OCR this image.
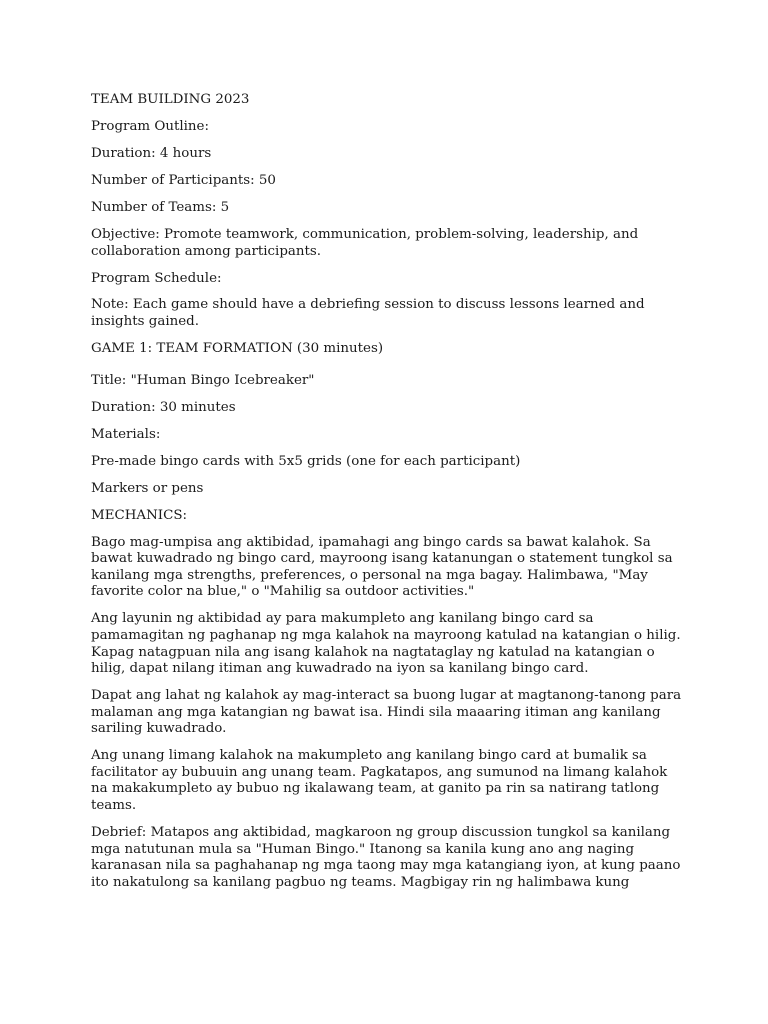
TEAM BUILDING 2023

Program Outline:

Duration: 4 hours

Number of Participants: 50

Number of Teams: 5

Objective: Promote teamwork, communication, problem-solving, leadership, and collaboration among participants.

Program Schedule:

Note: Each game should have a debriefing session to discuss lessons learned and insights gained.

GAME 1: TEAM FORMATION (30 minutes)

Title: "Human Bingo Icebreaker"

Duration: 30 minutes

Materials:

Pre-made bingo cards with 5x5 grids (one for each participant)

Markers or pens

MECHANICS:

Bago mag-umpisa ang aktibidad, ipamahagi ang bingo cards sa bawat kalahok. Sa bawat kuwadrado ng bingo card, mayroong isang katanungan o statement tungkol sa kanilang mga strengths, preferences, o personal na mga bagay. Halimbawa, "May favorite color na blue," o "Mahilig sa outdoor activities."

Ang layunin ng aktibidad ay para makumpleto ang kanilang bingo card sa pamamagitan ng paghanap ng mga kalahok na mayroong katulad na katangian o hilig. Kapag natagpuan nila ang isang kalahok na nagtataglay ng katulad na katangian o hilig, dapat nilang itiman ang kuwadrado na iyon sa kanilang bingo card.

Dapat ang lahat ng kalahok ay mag-interact sa buong lugar at magtanong-tanong para malaman ang mga katangian ng bawat isa. Hindi sila maaaring itiman ang kanilang sariling kuwadrado.

Ang unang limang kalahok na makumpleto ang kanilang bingo card at bumalik sa facilitator ay bubuuin ang unang team. Pagkatapos, ang sumunod na limang kalahok na makakumpleto ay bubuo ng ikalawang team, at ganito pa rin sa natirang tatlong teams.

Debrief: Matapos ang aktibidad, magkaroon ng group discussion tungkol sa kanilang mga natutunan mula sa "Human Bingo." Itanong sa kanila kung ano ang naging karanasan nila sa paghahanap ng mga taong may mga katangiang iyon, at kung paano ito nakatulong sa kanilang pagbuo ng teams. Magbigay rin ng halimbawa kung
